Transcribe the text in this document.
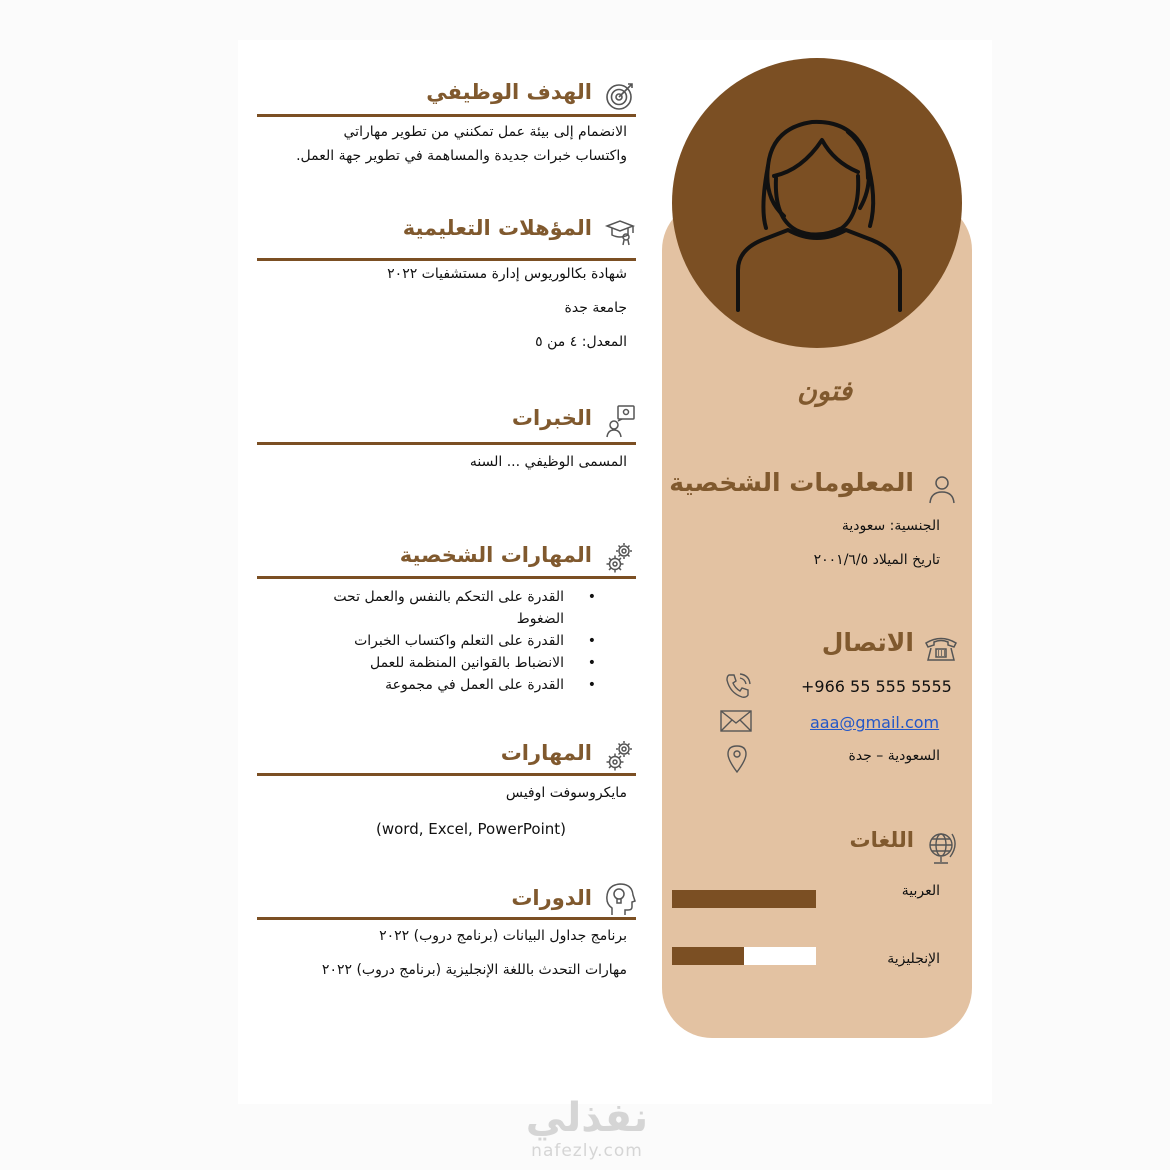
الهدف الوظيفي
الانضمام إلى بيئة عمل تمكنني من تطوير مهاراتي
واكتساب خبرات جديدة والمساهمة في تطوير جهة العمل.
المؤهلات التعليمية
شهادة بكالوريوس إدارة مستشفيات ٢٠٢٢
جامعة جدة
المعدل: ٤ من ٥
الخبرات
المسمى الوظيفي ... السنه
المهارات الشخصية
• القدرة على التحكم بالنفس والعمل تحت الضغوط
• القدرة على التعلم واكتساب الخبرات
• الانضباط بالقوانين المنظمة للعمل
• القدرة على العمل في مجموعة
المهارات
مايكروسوفت اوفيس
(word, Excel, PowerPoint)
الدورات
برنامج جداول البيانات (برنامج دروب) ٢٠٢٢
مهارات التحدث باللغة الإنجليزية (برنامج دروب) ٢٠٢٢
فتون
المعلومات الشخصية
الجنسية: سعودية
تاريخ الميلاد ٢٠٠١/٦/٥
الاتصال
+966 55 555 5555
aaa@gmail.com
السعودية – جدة
اللغات
العربية
الإنجليزية
نفذلي
nafezly.com
